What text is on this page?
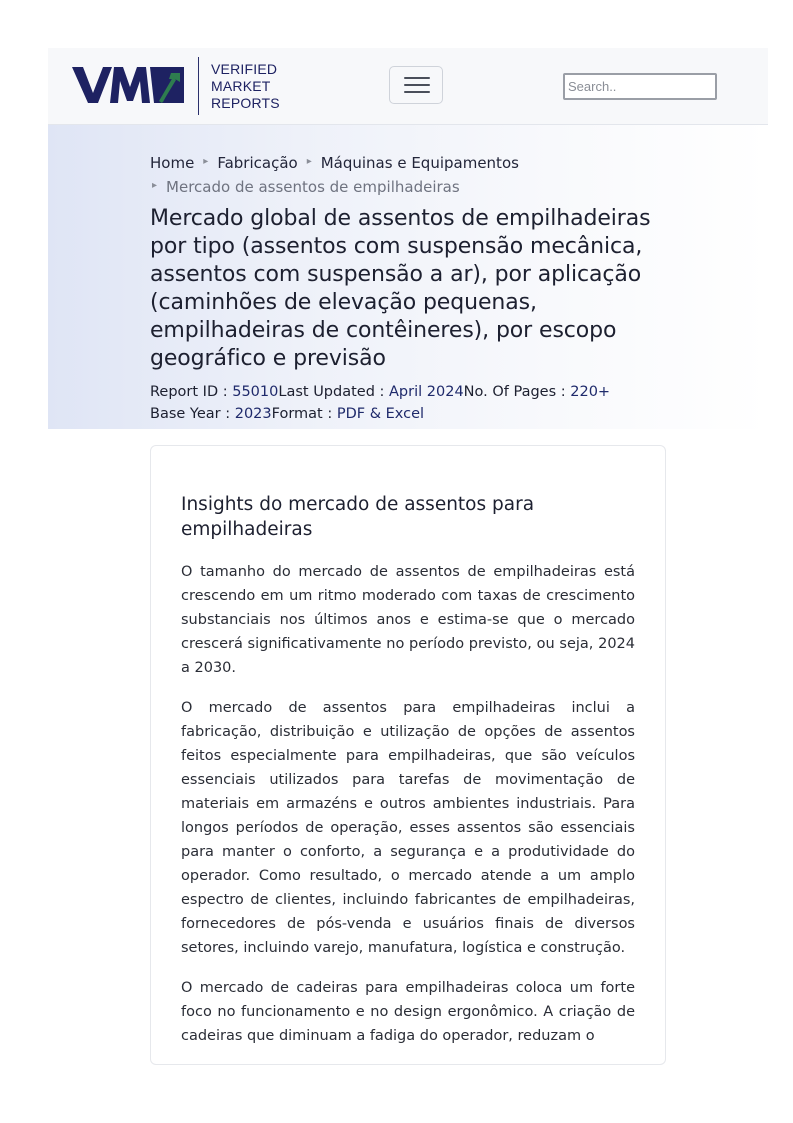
VERIFIED
MARKET
REPORTS
Search..
Home ▸ Fabricação ▸ Máquinas e Equipamentos
▸ Mercado de assentos de empilhadeiras
Mercado global de assentos de empilhadeiras por tipo (assentos com suspensão mecânica, assentos com suspensão a ar), por aplicação (caminhões de elevação pequenas, empilhadeiras de contêineres), por escopo geográfico e previsão
Report ID : 55010Last Updated : April 2024No. Of Pages : 220+
Base Year : 2023Format : PDF & Excel
Insights do mercado de assentos para empilhadeiras

O tamanho do mercado de assentos de empilhadeiras está crescendo em um ritmo moderado com taxas de crescimento substanciais nos últimos anos e estima-se que o mercado crescerá significativamente no período previsto, ou seja, 2024 a 2030.

O mercado de assentos para empilhadeiras inclui a fabricação, distribuição e utilização de opções de assentos feitos especialmente para empilhadeiras, que são veículos essenciais utilizados para tarefas de movimentação de materiais em armazéns e outros ambientes industriais. Para longos períodos de operação, esses assentos são essenciais para manter o conforto, a segurança e a produtividade do operador. Como resultado, o mercado atende a um amplo espectro de clientes, incluindo fabricantes de empilhadeiras, fornecedores de pós-venda e usuários finais de diversos setores, incluindo varejo, manufatura, logística e construção.

O mercado de cadeiras para empilhadeiras coloca um forte foco no funcionamento e no design ergonômico. A criação de cadeiras que diminuam a fadiga do operador, reduzam o
